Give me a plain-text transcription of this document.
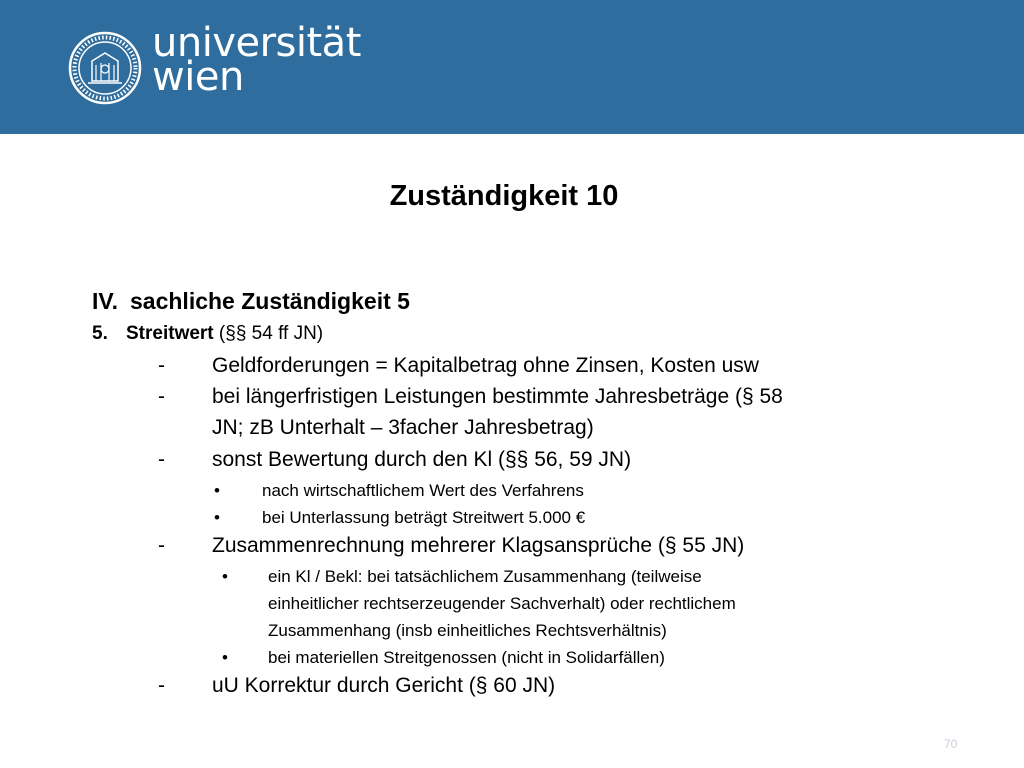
universität
wien
Zuständigkeit 10
IV. sachliche Zuständigkeit 5
5. Streitwert (§§ 54 ff JN)
- Geldforderungen = Kapitalbetrag ohne Zinsen, Kosten usw
- bei längerfristigen Leistungen bestimmte Jahresbeträge (§ 58
JN; zB Unterhalt – 3facher Jahresbetrag)
- sonst Bewertung durch den Kl (§§ 56, 59 JN)
• nach wirtschaftlichem Wert des Verfahrens
• bei Unterlassung beträgt Streitwert 5.000 €
- Zusammenrechnung mehrerer Klagsansprüche (§ 55 JN)
• ein Kl / Bekl: bei tatsächlichem Zusammenhang (teilweise
einheitlicher rechtserzeugender Sachverhalt) oder rechtlichem
Zusammenhang (insb einheitliches Rechtsverhältnis)
• bei materiellen Streitgenossen (nicht in Solidarfällen)
- uU Korrektur durch Gericht (§ 60 JN)
70
